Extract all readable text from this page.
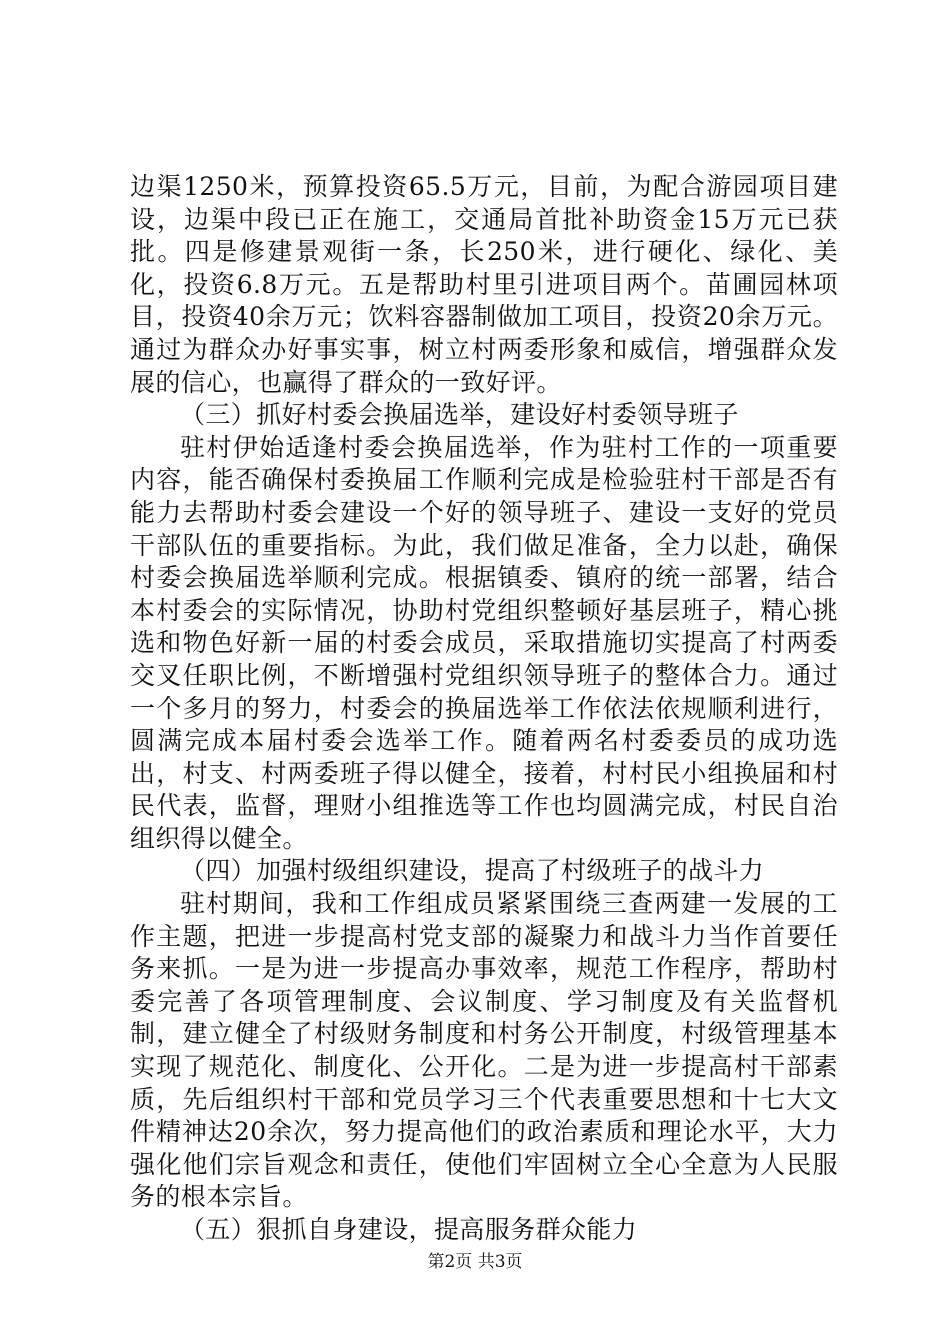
边渠1250米，预算投资65.5万元，目前，为配合游园项目建设，边渠中段已正在施工，交通局首批补助资金15万元已获批。四是修建景观街一条，长250米，进行硬化、绿化、美化，投资6.8万元。五是帮助村里引进项目两个。苗圃园林项目，投资40余万元；饮料容器制做加工项目，投资20余万元。通过为群众办好事实事，树立村两委形象和威信，增强群众发展的信心，也赢得了群众的一致好评。

（三）抓好村委会换届选举，建设好村委领导班子

驻村伊始适逢村委会换届选举，作为驻村工作的一项重要内容，能否确保村委换届工作顺利完成是检验驻村干部是否有能力去帮助村委会建设一个好的领导班子、建设一支好的党员干部队伍的重要指标。为此，我们做足准备，全力以赴，确保村委会换届选举顺利完成。根据镇委、镇府的统一部署，结合本村委会的实际情况，协助村党组织整顿好基层班子，精心挑选和物色好新一届的村委会成员，采取措施切实提高了村两委交叉任职比例，不断增强村党组织领导班子的整体合力。通过一个多月的努力，村委会的换届选举工作依法依规顺利进行，圆满完成本届村委会选举工作。随着两名村委委员的成功选出，村支、村两委班子得以健全，接着，村村民小组换届和村民代表，监督，理财小组推选等工作也均圆满完成，村民自治组织得以健全。

（四）加强村级组织建设，提高了村级班子的战斗力

驻村期间，我和工作组成员紧紧围绕三查两建一发展的工作主题，把进一步提高村党支部的凝聚力和战斗力当作首要任务来抓。一是为进一步提高办事效率，规范工作程序，帮助村委完善了各项管理制度、会议制度、学习制度及有关监督机制，建立健全了村级财务制度和村务公开制度，村级管理基本实现了规范化、制度化、公开化。二是为进一步提高村干部素质，先后组织村干部和党员学习三个代表重要思想和十七大文件精神达20余次，努力提高他们的政治素质和理论水平，大力强化他们宗旨观念和责任，使他们牢固树立全心全意为人民服务的根本宗旨。

（五）狠抓自身建设，提高服务群众能力

第2页 共3页
